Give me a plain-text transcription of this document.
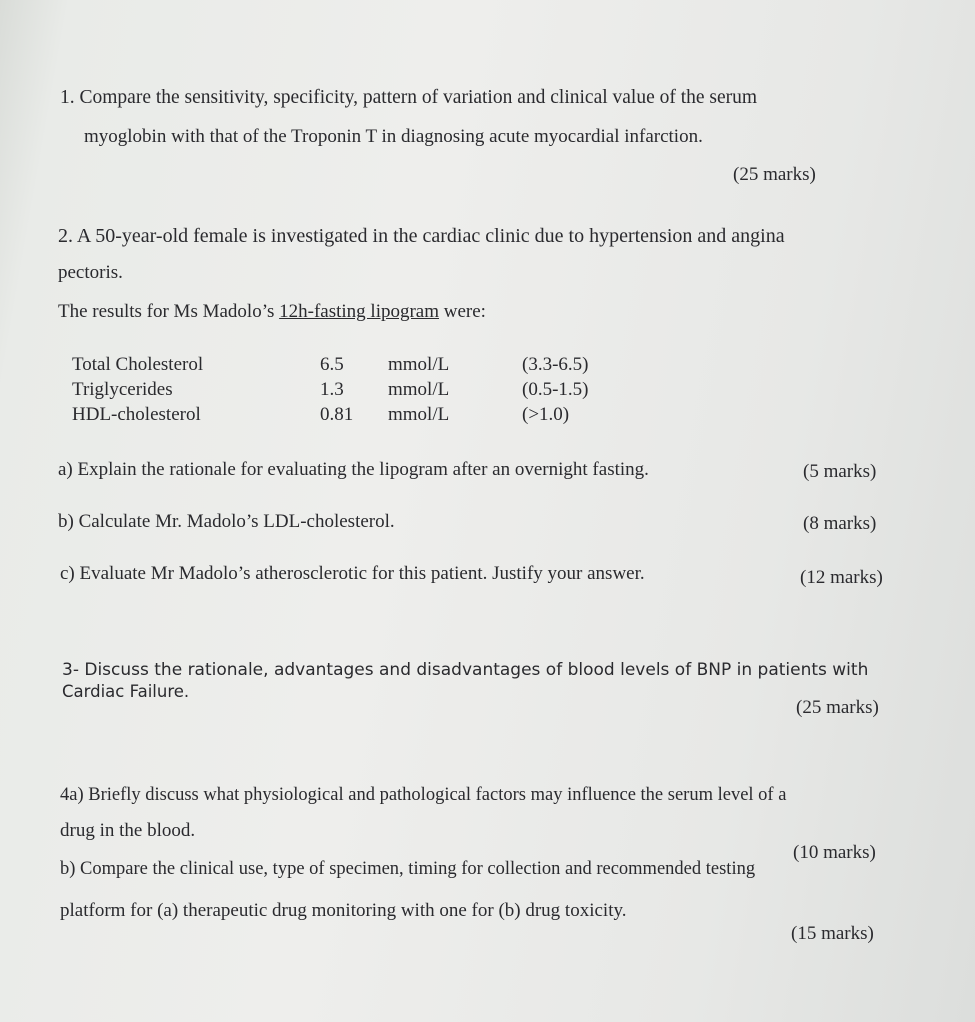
1. Compare the sensitivity, specificity, pattern of variation and clinical value of the serum
myoglobin with that of the Troponin T in diagnosing acute myocardial infarction.
(25 marks)
2. A 50-year-old female is investigated in the cardiac clinic due to hypertension and angina
pectoris.
The results for Ms Madolo’s 12h-fasting lipogram were:
Total Cholesterol	6.5 mmol/L	(3.3-6.5)
Triglycerides	1.3 mmol/L	(0.5-1.5)
HDL-cholesterol	0.81 mmol/L	(>1.0)
a) Explain the rationale for evaluating the lipogram after an overnight fasting.	(5 marks)
b) Calculate Mr. Madolo’s LDL-cholesterol.	(8 marks)
c) Evaluate Mr Madolo’s atherosclerotic for this patient. Justify your answer.	(12 marks)
3- Discuss the rationale, advantages and disadvantages of blood levels of BNP in patients with
Cardiac Failure.
(25 marks)
4a) Briefly discuss what physiological and pathological factors may influence the serum level of a
drug in the blood.
(10 marks)
b) Compare the clinical use, type of specimen, timing for collection and recommended testing
platform for (a) therapeutic drug monitoring with one for (b) drug toxicity.
(15 marks)
